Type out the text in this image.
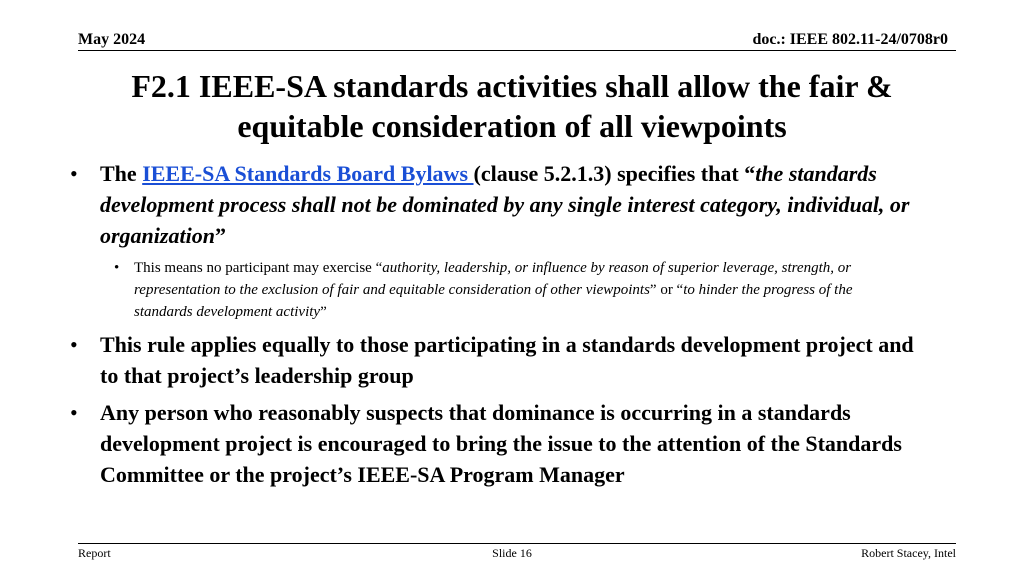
May 2024	doc.: IEEE 802.11-24/0708r0
F2.1 IEEE-SA standards activities shall allow the fair &
equitable consideration of all viewpoints
• The IEEE-SA Standards Board Bylaws (clause 5.2.1.3) specifies that “the standards development process shall not be dominated by any single interest category, individual, or organization”
• This means no participant may exercise “authority, leadership, or influence by reason of superior leverage, strength, or representation to the exclusion of fair and equitable consideration of other viewpoints” or “to hinder the progress of the standards development activity”
• This rule applies equally to those participating in a standards development project and to that project’s leadership group
• Any person who reasonably suspects that dominance is occurring in a standards development project is encouraged to bring the issue to the attention of the Standards Committee or the project’s IEEE-SA Program Manager
Report	Slide 16	Robert Stacey, Intel
